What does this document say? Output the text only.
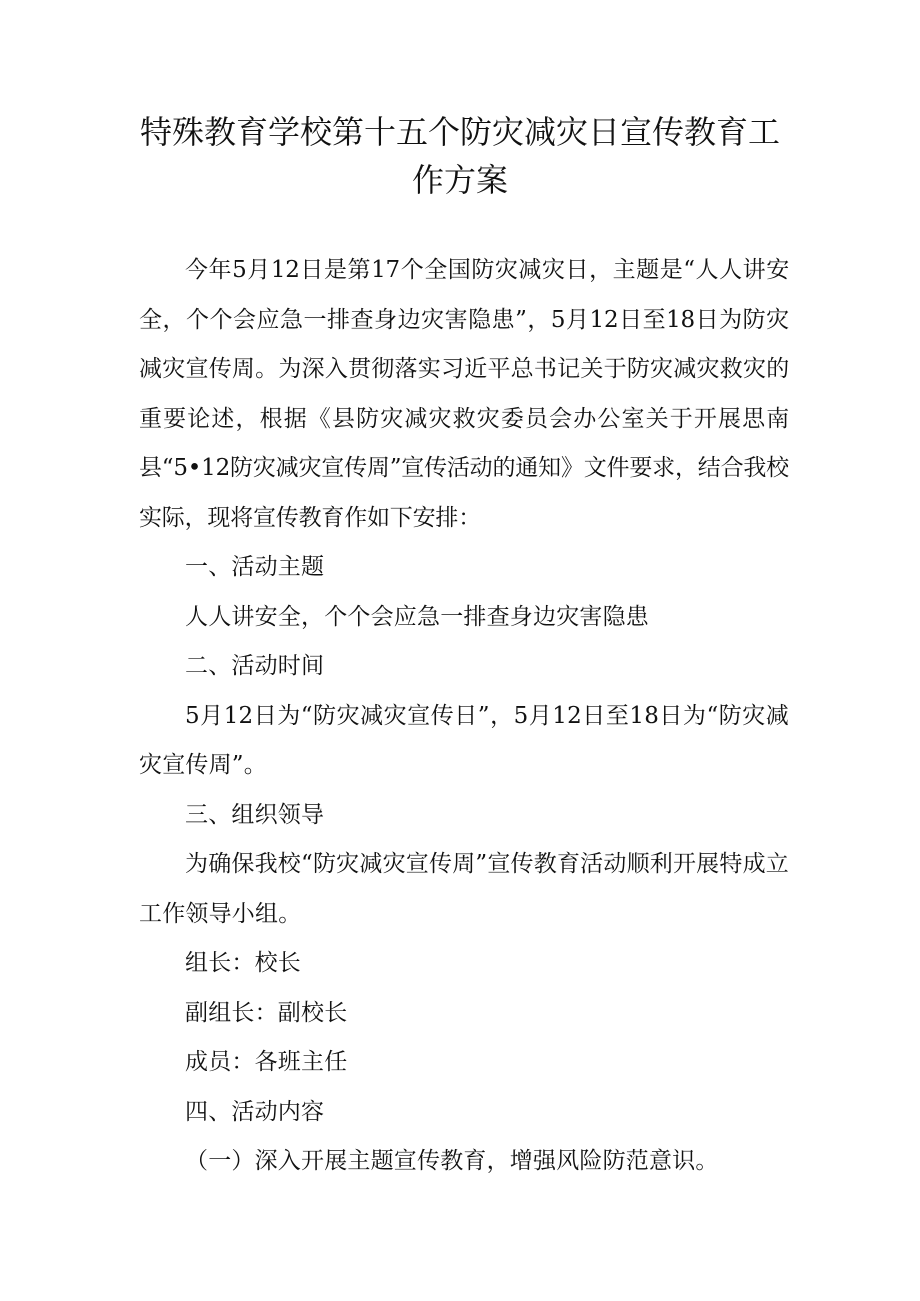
特殊教育学校第十五个防灾减灾日宣传教育工
作方案

今年5月12日是第17个全国防灾减灾日，主题是“人人讲安全，个个会应急一排查身边灾害隐患”，5月12日至18日为防灾减灾宣传周。为深入贯彻落实习近平总书记关于防灾减灾救灾的重要论述，根据《县防灾减灾救灾委员会办公室关于开展思南县“5•12防灾减灾宣传周”宣传活动的通知》文件要求，结合我校实际，现将宣传教育作如下安排：

一、活动主题

人人讲安全，个个会应急一排查身边灾害隐患

二、活动时间

5月12日为“防灾减灾宣传日”，5月12日至18日为“防灾减灾宣传周”。

三、组织领导

为确保我校“防灾减灾宣传周”宣传教育活动顺利开展特成立工作领导小组。

组长：校长

副组长：副校长

成员：各班主任

四、活动内容

（一）深入开展主题宣传教育，增强风险防范意识。
